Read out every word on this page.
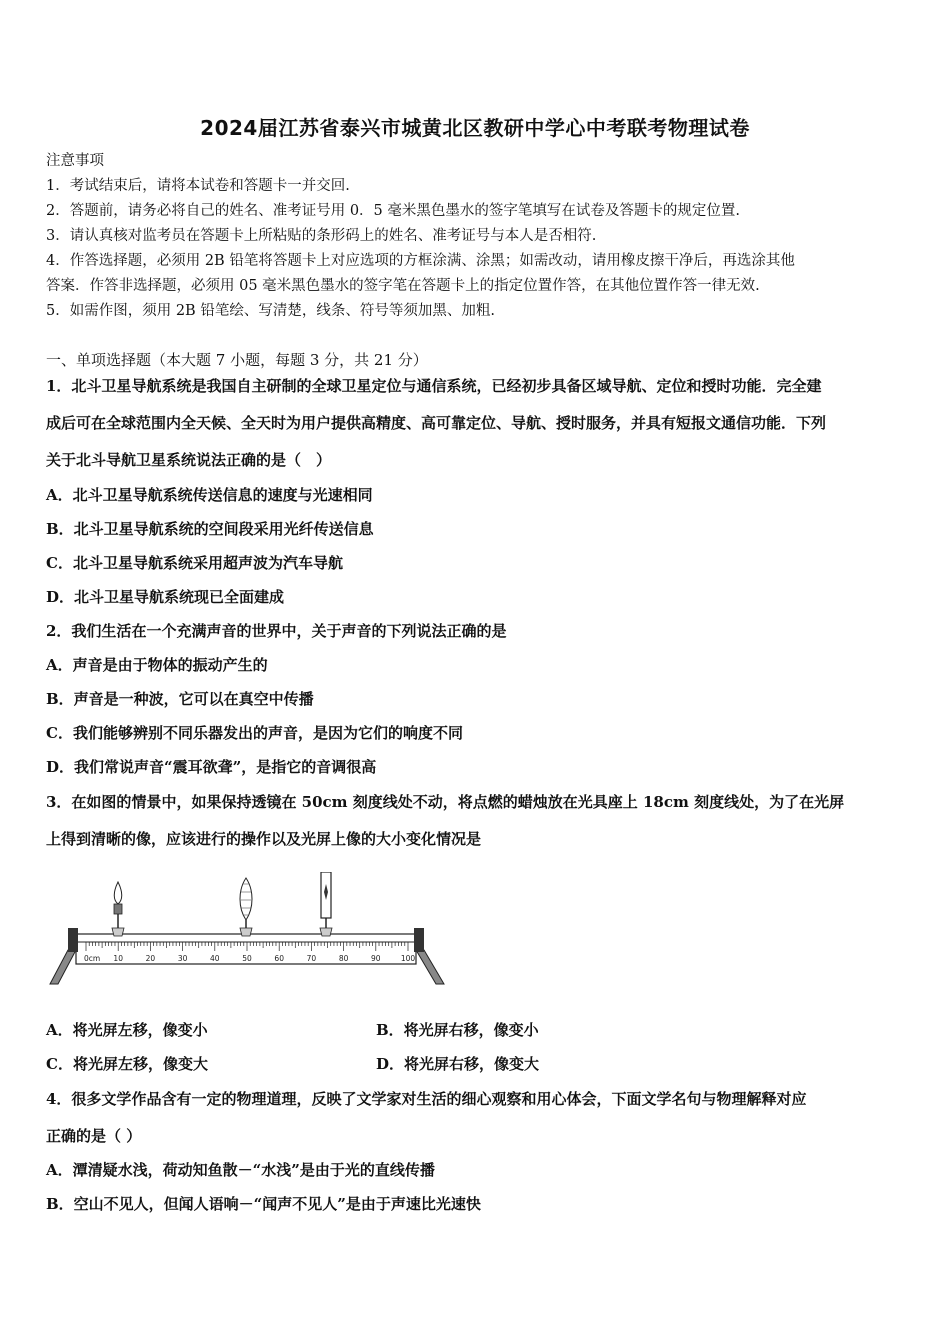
2024届江苏省泰兴市城黄北区教研中学心中考联考物理试卷
注意事项
1．考试结束后，请将本试卷和答题卡一并交回.
2．答题前，请务必将自己的姓名、准考证号用 0．5 毫米黑色墨水的签字笔填写在试卷及答题卡的规定位置.
3．请认真核对监考员在答题卡上所粘贴的条形码上的姓名、准考证号与本人是否相符.
4．作答选择题，必须用 2B 铅笔将答题卡上对应选项的方框涂满、涂黑；如需改动，请用橡皮擦干净后，再选涂其他
答案．作答非选择题，必须用 05 毫米黑色墨水的签字笔在答题卡上的指定位置作答，在其他位置作答一律无效.
5．如需作图，须用 2B 铅笔绘、写清楚，线条、符号等须加黑、加粗.
一、单项选择题（本大题 7 小题，每题 3 分，共 21 分）
1．北斗卫星导航系统是我国自主研制的全球卫星定位与通信系统，已经初步具备区域导航、定位和授时功能．完全建
成后可在全球范围内全天候、全天时为用户提供高精度、高可靠定位、导航、授时服务，并具有短报文通信功能．下列
关于北斗导航卫星系统说法正确的是（　）
A．北斗卫星导航系统传送信息的速度与光速相同
B．北斗卫星导航系统的空间段采用光纤传送信息
C．北斗卫星导航系统采用超声波为汽车导航
D．北斗卫星导航系统现已全面建成
2．我们生活在一个充满声音的世界中，关于声音的下列说法正确的是
A．声音是由于物体的振动产生的
B．声音是一种波，它可以在真空中传播
C．我们能够辨别不同乐器发出的声音，是因为它们的响度不同
D．我们常说声音“震耳欲聋”，是指它的音调很高
3．在如图的情景中，如果保持透镜在 50cm 刻度线处不动，将点燃的蜡烛放在光具座上 18cm 刻度线处，为了在光屏
上得到清晰的像，应该进行的操作以及光屏上像的大小变化情况是
0cm 10	20	30	40	50	60	70	80	90	100
A．将光屏左移，像变小	B．将光屏右移，像变小
C．将光屏左移，像变大	D．将光屏右移，像变大
4．很多文学作品含有一定的物理道理，反映了文学家对生活的细心观察和用心体会，下面文学名句与物理解释对应
正确的是（ ）
A．潭清疑水浅，荷动知鱼散－“水浅”是由于光的直线传播
B．空山不见人，但闻人语响－“闻声不见人”是由于声速比光速快
